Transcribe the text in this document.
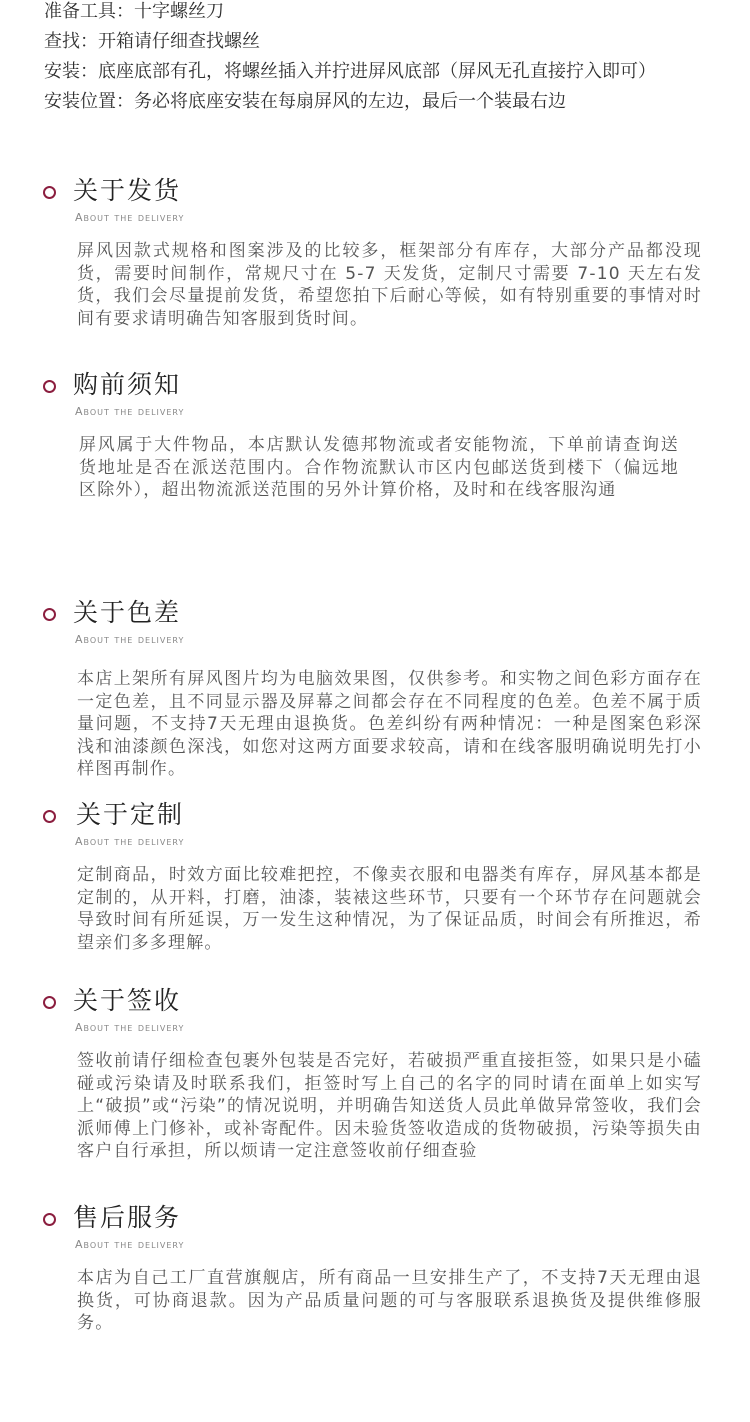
准备工具：十字螺丝刀
查找：开箱请仔细查找螺丝
安装：底座底部有孔，将螺丝插入并拧进屏风底部（屏风无孔直接拧入即可）
安装位置：务必将底座安装在每扇屏风的左边，最后一个装最右边
关于发货
About the delivery
屏风因款式规格和图案涉及的比较多，框架部分有库存，大部分产品都没现货，需要时间制作，常规尺寸在 5-7 天发货，定制尺寸需要 7-10 天左右发货，我们会尽量提前发货，希望您拍下后耐心等候，如有特别重要的事情对时间有要求请明确告知客服到货时间。
购前须知
About the delivery
屏风属于大件物品，本店默认发德邦物流或者安能物流，下单前请查询送货地址是否在派送范围内。合作物流默认市区内包邮送货到楼下（偏远地区除外），超出物流派送范围的另外计算价格，及时和在线客服沟通
关于色差
About the delivery
本店上架所有屏风图片均为电脑效果图，仅供参考。和实物之间色彩方面存在一定色差，且不同显示器及屏幕之间都会存在不同程度的色差。色差不属于质量问题，不支持7天无理由退换货。色差纠纷有两种情况：一种是图案色彩深浅和油漆颜色深浅，如您对这两方面要求较高，请和在线客服明确说明先打小样图再制作。
关于定制
About the delivery
定制商品，时效方面比较难把控，不像卖衣服和电器类有库存，屏风基本都是定制的，从开料，打磨，油漆，装裱这些环节，只要有一个环节存在问题就会导致时间有所延误，万一发生这种情况，为了保证品质，时间会有所推迟，希望亲们多多理解。
关于签收
About the delivery
签收前请仔细检查包裹外包装是否完好，若破损严重直接拒签，如果只是小磕碰或污染请及时联系我们，拒签时写上自己的名字的同时请在面单上如实写上“破损”或“污染”的情况说明，并明确告知送货人员此单做异常签收，我们会派师傅上门修补，或补寄配件。因未验货签收造成的货物破损，污染等损失由客户自行承担，所以烦请一定注意签收前仔细查验
售后服务
About the delivery
本店为自己工厂直营旗舰店，所有商品一旦安排生产了，不支持7天无理由退换货，可协商退款。因为产品质量问题的可与客服联系退换货及提供维修服务。
